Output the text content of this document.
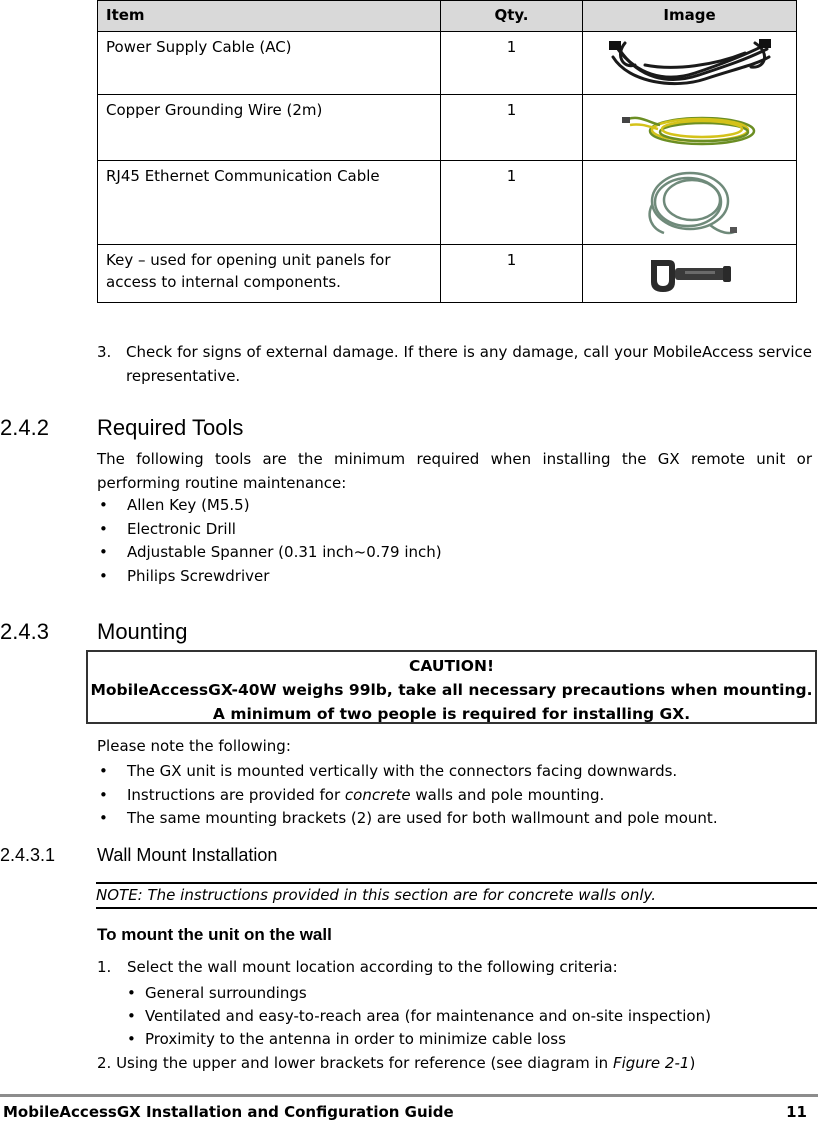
Item	Qty.	Image
Power Supply Cable (AC)	1	

Copper Grounding Wire (2m)	1	

RJ45 Ethernet Communication Cable	1	

Key – used for opening unit panels for access to internal components.	1	
3. Check for signs of external damage. If there is any damage, call your MobileAccess service representative.
2.4.2 Required Tools
The following tools are the minimum required when installing the GX remote unit or performing routine maintenance:
• Allen Key (M5.5)
• Electronic Drill
• Adjustable Spanner (0.31 inch~0.79 inch)
• Philips Screwdriver
2.4.3 Mounting
CAUTION!
MobileAccessGX-40W weighs 99lb, take all necessary precautions when mounting. A minimum of two people is required for installing GX.
Please note the following:
• The GX unit is mounted vertically with the connectors facing downwards.
• Instructions are provided for concrete walls and pole mounting.
• The same mounting brackets (2) are used for both wallmount and pole mount.
2.4.3.1 Wall Mount Installation
NOTE: The instructions provided in this section are for concrete walls only.
To mount the unit on the wall
1. Select the wall mount location according to the following criteria:
• General surroundings
• Ventilated and easy-to-reach area (for maintenance and on-site inspection)
• Proximity to the antenna in order to minimize cable loss
2. Using the upper and lower brackets for reference (see diagram in Figure 2-1)
MobileAccessGX Installation and Configuration Guide	11
